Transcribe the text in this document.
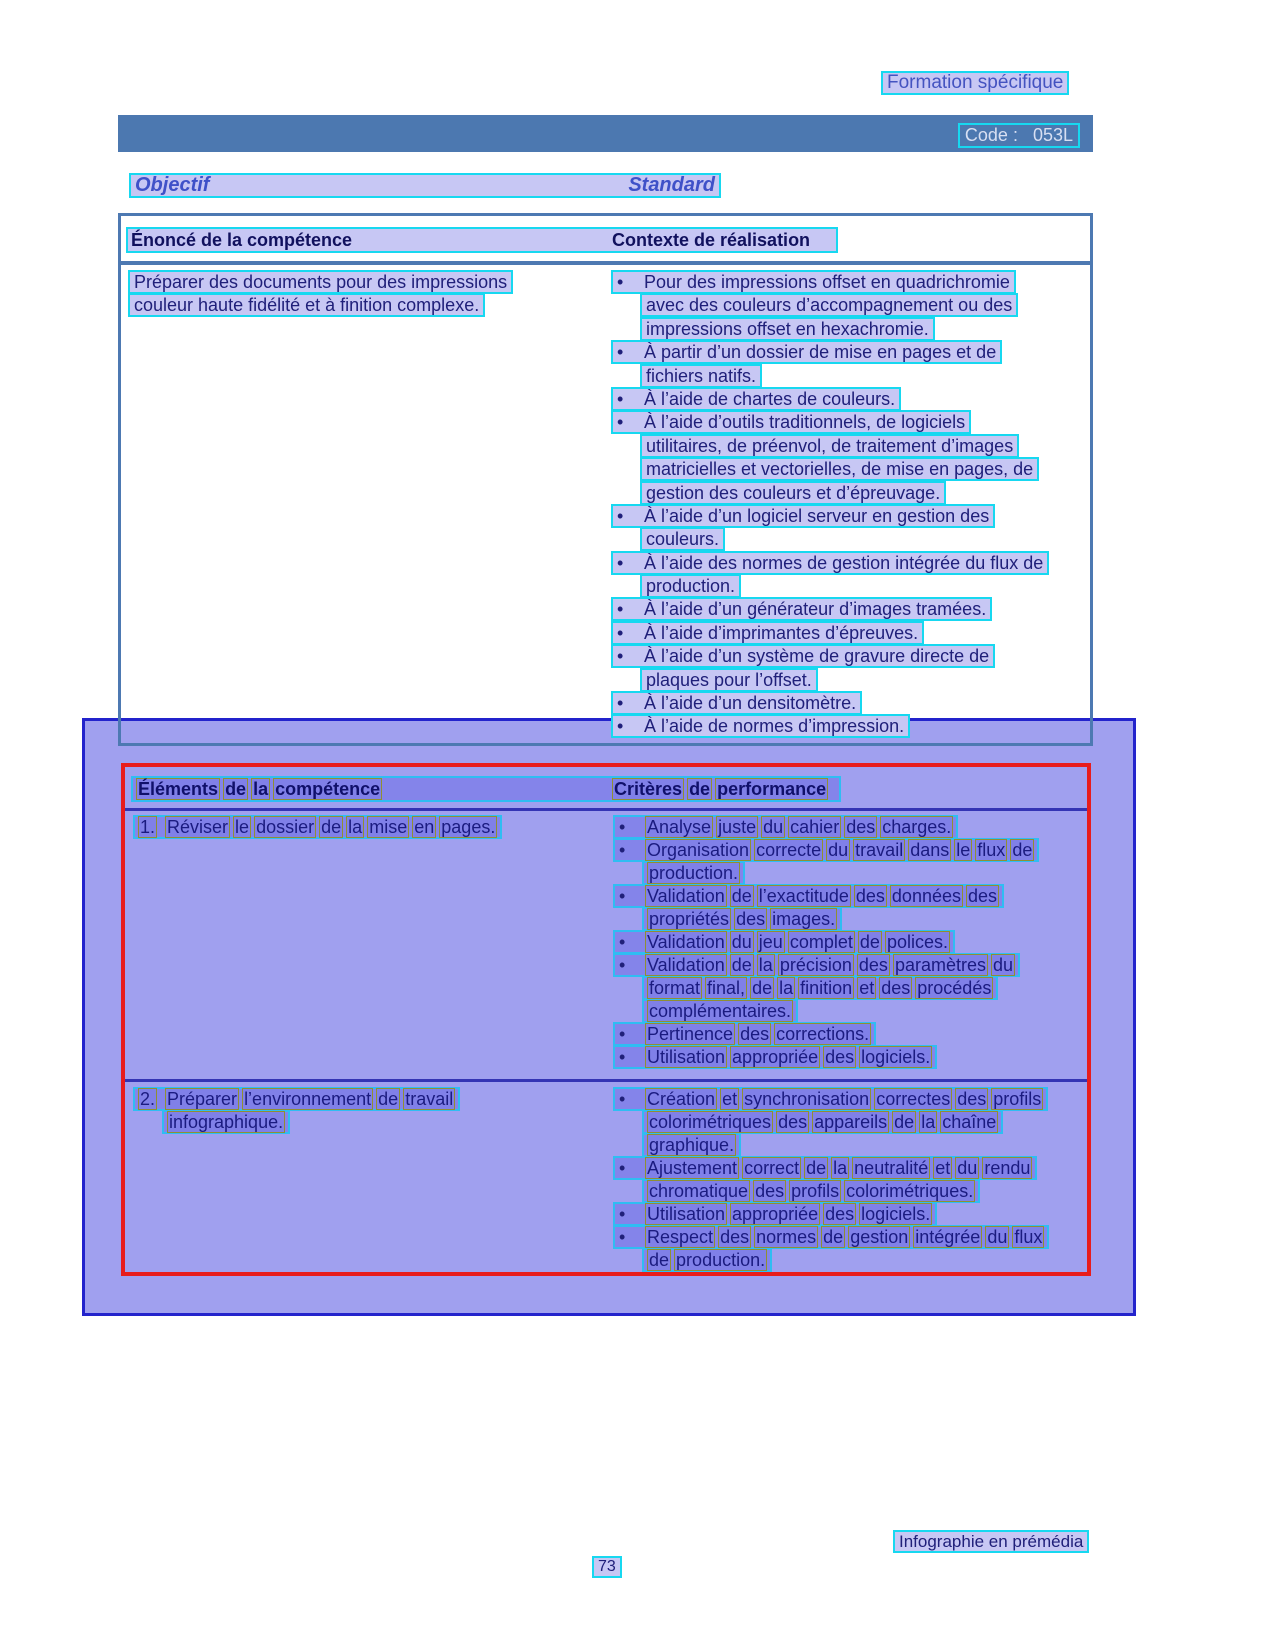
Formation spécifique
Code :   053L
Objectif	Standard
Énoncé de la compétence	Contexte de réalisation
Préparer des documents pour des impressions
couleur haute fidélité et à finition complexe.
• Pour des impressions offset en quadrichromie
avec des couleurs d’accompagnement ou des
impressions offset en hexachromie.
• À partir d’un dossier de mise en pages et de
fichiers natifs.
• À l’aide de chartes de couleurs.
• À l’aide d’outils traditionnels, de logiciels
utilitaires, de préenvol, de traitement d’images
matricielles et vectorielles, de mise en pages, de
gestion des couleurs et d’épreuvage.
• À l’aide d’un logiciel serveur en gestion des
couleurs.
• À l’aide des normes de gestion intégrée du flux de
production.
• À l’aide d’un générateur d’images tramées.
• À l’aide d’imprimantes d’épreuves.
• À l’aide d’un système de gravure directe de
plaques pour l’offset.
• À l’aide d’un densitomètre.
• À l’aide de normes d’impression.
Éléments de la compétence	Critères de performance
1. Réviser le dossier de la mise en pages.	• Analyse juste du cahier des charges.
• Organisation correcte du travail dans le flux de
production.
• Validation de l’exactitude des données des
propriétés des images.
• Validation du jeu complet de polices.
• Validation de la précision des paramètres du
format final, de la finition et des procédés
complémentaires.
• Pertinence des corrections.
• Utilisation appropriée des logiciels.
2. Préparer l’environnement de travail
infographique.
• Création et synchronisation correctes des profils
colorimétriques des appareils de la chaîne
graphique.
• Ajustement correct de la neutralité et du rendu
chromatique des profils colorimétriques.
• Utilisation appropriée des logiciels.
• Respect des normes de gestion intégrée du flux
de production.
Infographie en prémédia
73
